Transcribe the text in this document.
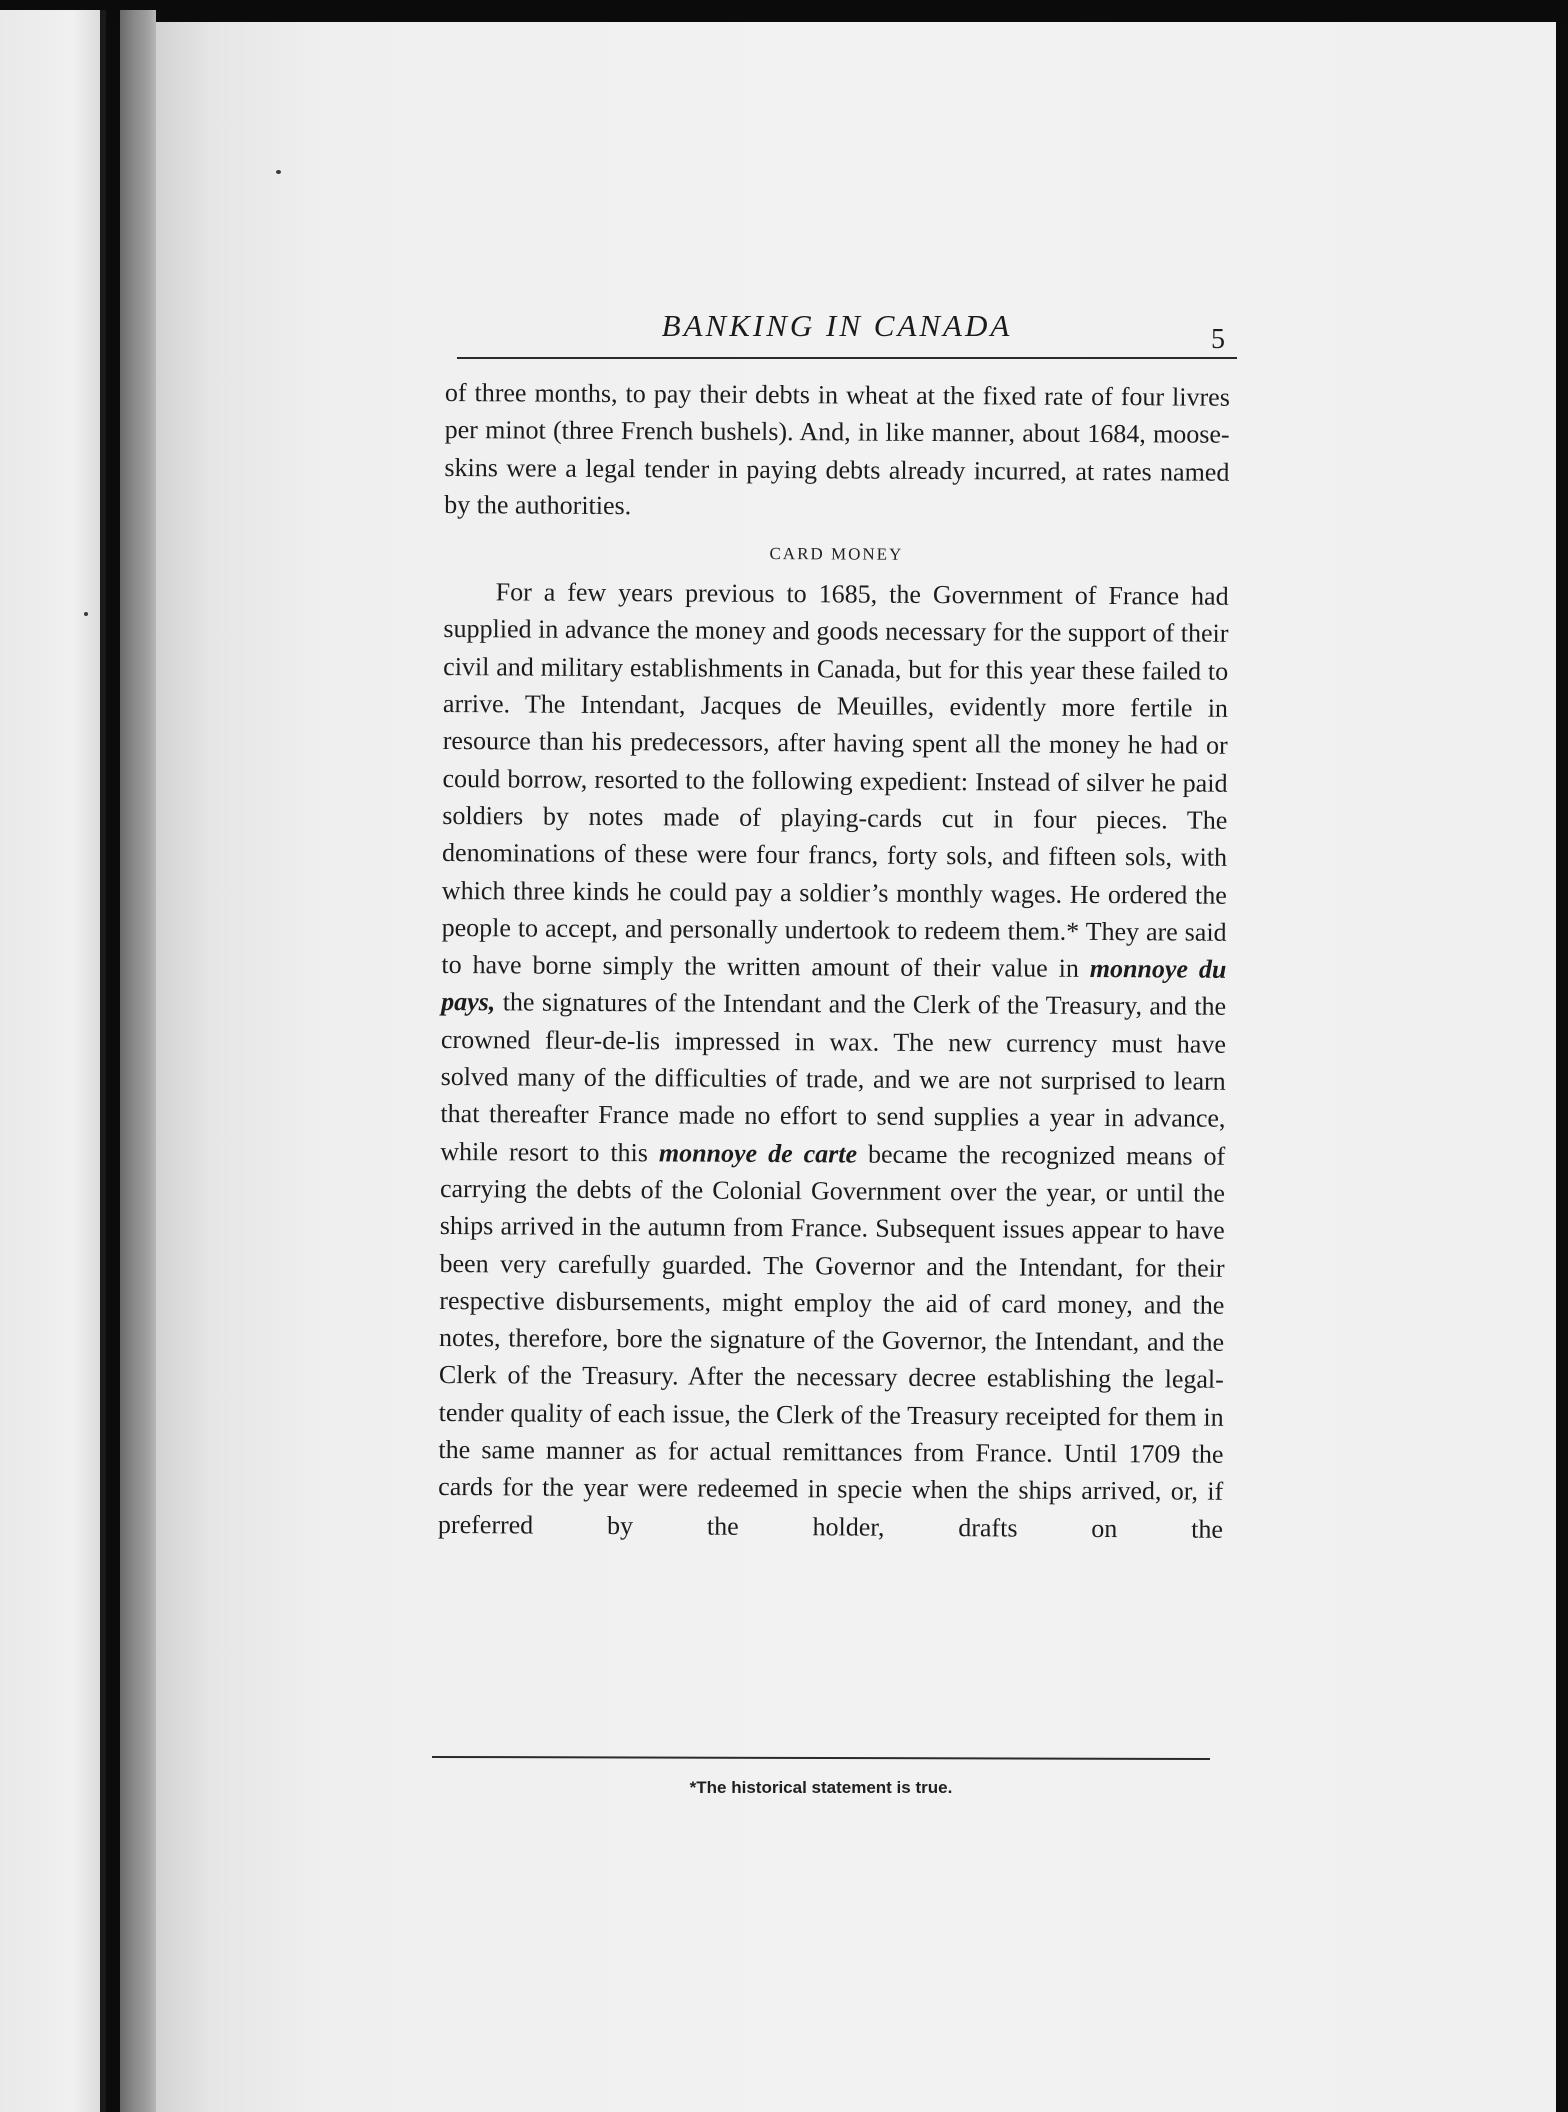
BANKING IN CANADA	5
of three months, to pay their debts in wheat at the fixed rate of four livres per minot (three French bushels). And, in like manner, about 1684, moose-skins were a legal tender in paying debts already incurred, at rates named by the authorities.
CARD MONEY
For a few years previous to 1685, the Government of France had supplied in advance the money and goods necessary for the support of their civil and military establishments in Canada, but for this year these failed to arrive. The Intendant, Jacques de Meuilles, evidently more fertile in resource than his predecessors, after having spent all the money he had or could borrow, resorted to the following expedient: Instead of silver he paid soldiers by notes made of playing-cards cut in four pieces. The denominations of these were four francs, forty sols, and fifteen sols, with which three kinds he could pay a soldier’s monthly wages. He ordered the people to accept, and personally undertook to redeem them.* They are said to have borne simply the written amount of their value in monnoye du pays, the signatures of the Intendant and the Clerk of the Treasury, and the crowned fleur-de-lis impressed in wax. The new currency must have solved many of the difficulties of trade, and we are not surprised to learn that thereafter France made no effort to send supplies a year in advance, while resort to this monnoye de carte became the recognized means of carrying the debts of the Colonial Government over the year, or until the ships arrived in the autumn from France. Subsequent issues appear to have been very carefully guarded. The Governor and the Intendant, for their respective disbursements, might employ the aid of card money, and the notes, therefore, bore the signature of the Governor, the Intendant, and the Clerk of the Treasury. After the necessary decree establishing the legal-tender quality of each issue, the Clerk of the Treasury receipted for them in the same manner as for actual remittances from France. Until 1709 the cards for the year were redeemed in specie when the ships arrived, or, if preferred by the holder, drafts on the
*The historical statement is true.
